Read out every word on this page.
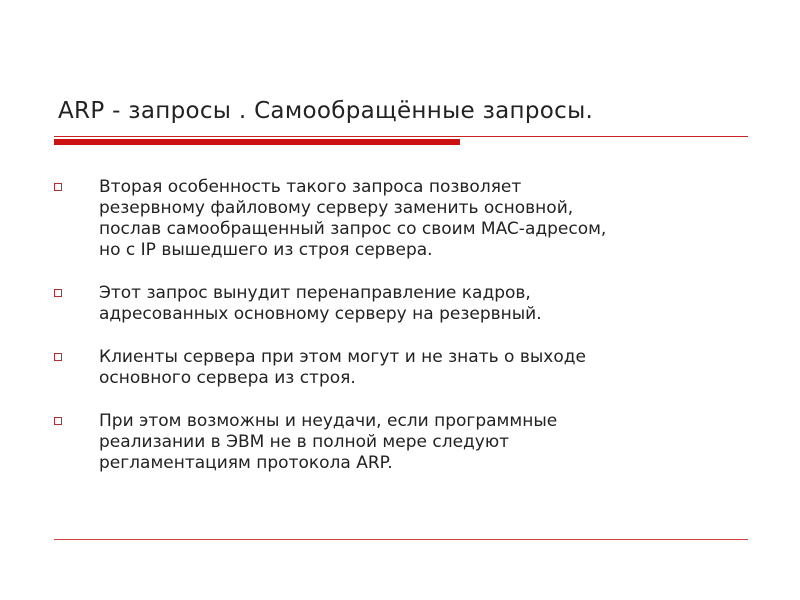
ARP - запросы . Самообращённые запросы.
Вторая особенность такого запроса позволяет
резервному файловому серверу заменить основной,
послав самообращенный запрос со своим MAC-адресом,
но с IP вышедшего из строя сервера.
Этот запрос вынудит перенаправление кадров,
адресованных основному серверу на резервный.
Клиенты сервера при этом могут и не знать о выходе
основного сервера из строя.
При этом возможны и неудачи, если программные
реализании в ЭВМ не в полной мере следуют
регламентациям протокола ARP.
